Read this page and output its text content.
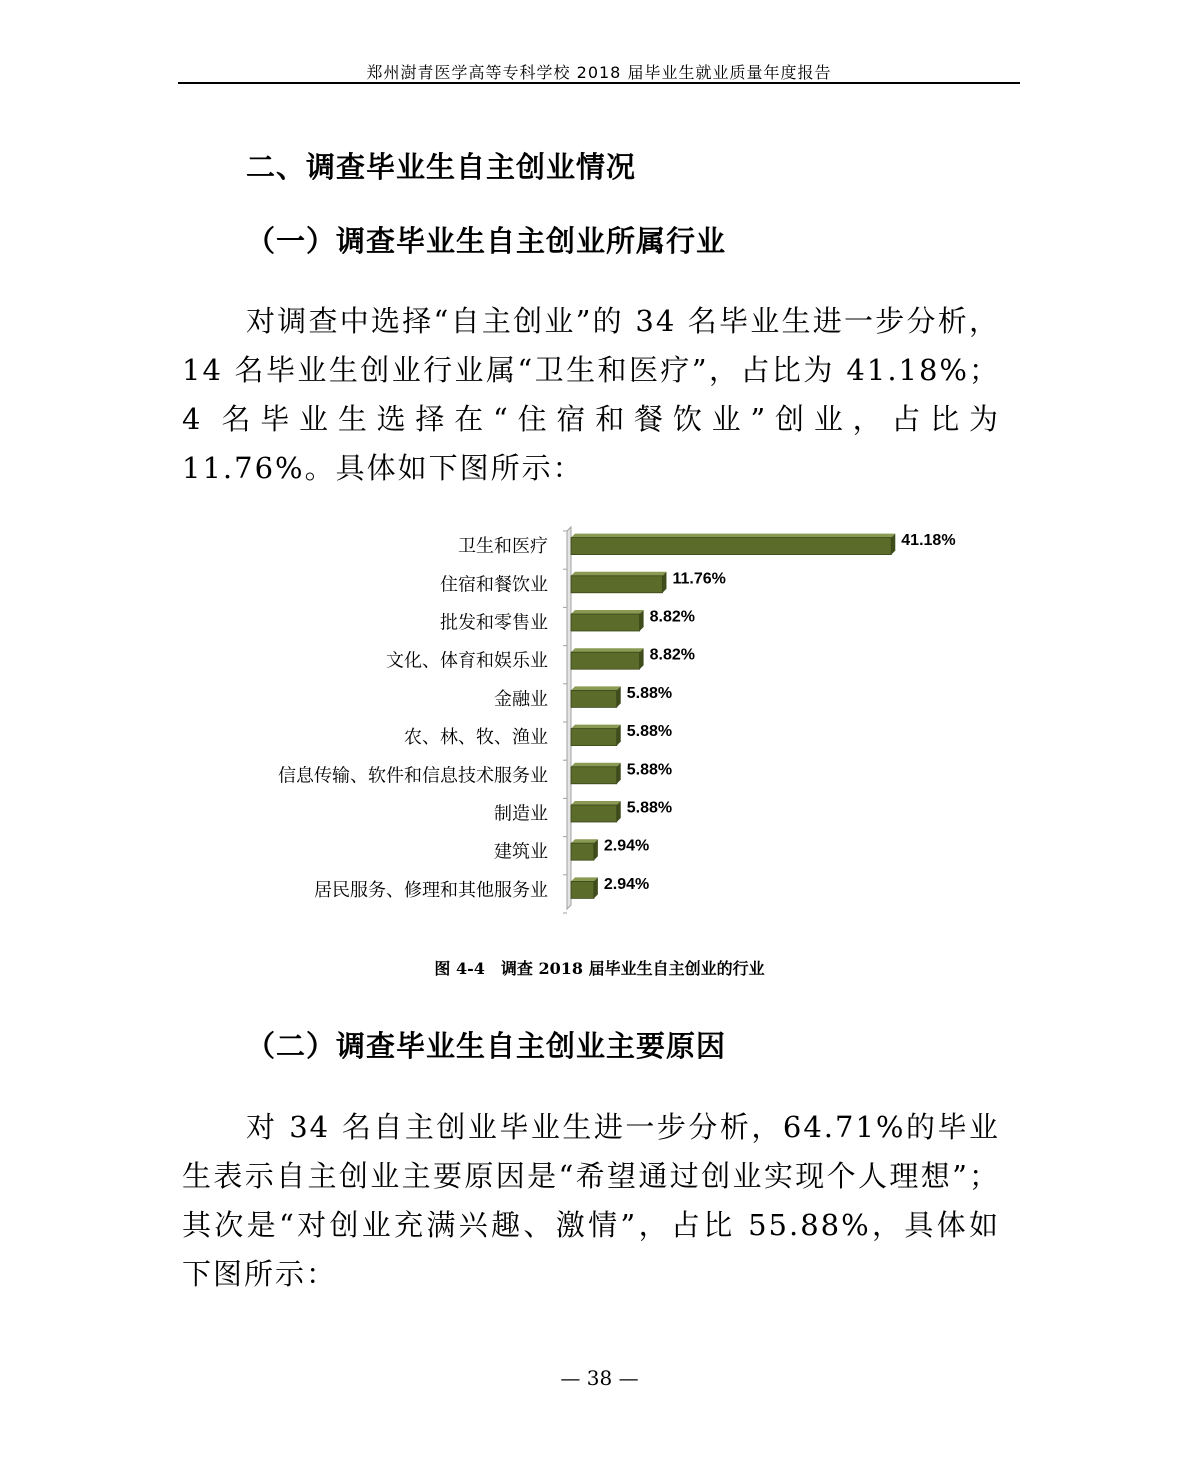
郑州澍青医学高等专科学校 2018 届毕业生就业质量年度报告
二、调查毕业生自主创业情况
（一）调查毕业生自主创业所属行业

对调查中选择“自主创业”的 34 名毕业生进一步分析，14 名毕业生创业行业属“卫生和医疗”，占比为 41.18%；4 名毕业生选择在“住宿和餐饮业”创业，占比为 11.76%。具体如下图所示：

卫生和医疗	41.18%
住宿和餐饮业	11.76%
批发和零售业	8.82%
文化、体育和娱乐业	8.82%
金融业	5.88%
农、林、牧、渔业	5.88%
信息传输、软件和信息技术服务业	5.88%
制造业	5.88%
建筑业	2.94%
居民服务、修理和其他服务业	2.94%
图 4-4　调查 2018 届毕业生自主创业的行业
（二）调查毕业生自主创业主要原因

对 34 名自主创业毕业生进一步分析，64.71%的毕业生表示自主创业主要原因是“希望通过创业实现个人理想”；其次是“对创业充满兴趣、激情”，占比 55.88%，具体如下图所示：

— 38 —
